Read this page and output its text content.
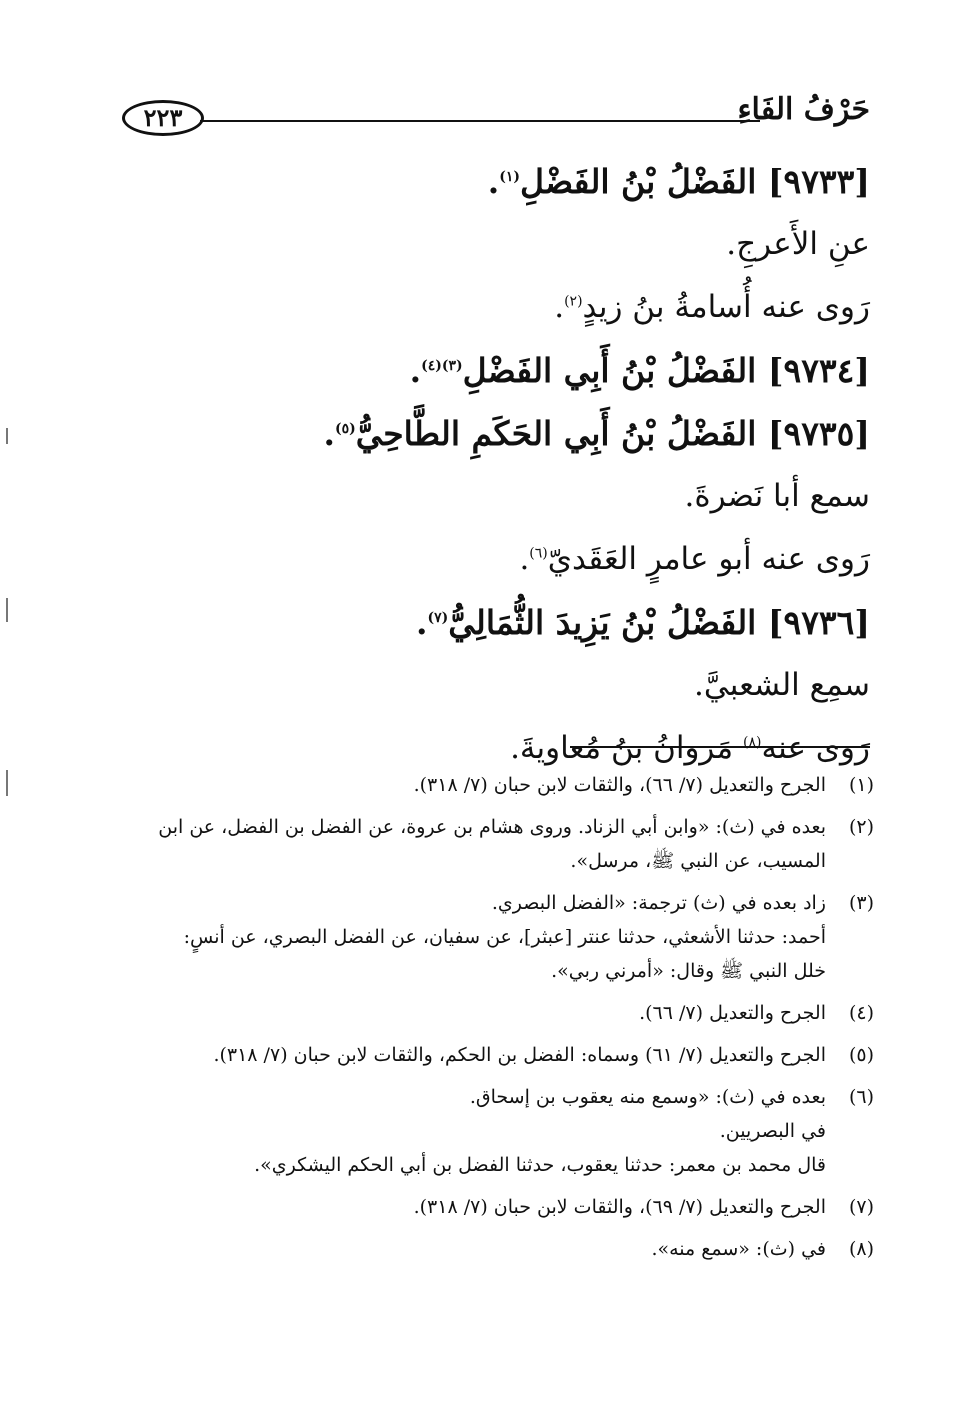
حَرْفُ الفَاءِ
٢٢٣
[٩٧٣٣] الفَضْلُ بْنُ الفَضْلِ$^{(١)}$.
عنِ الأَعرجِ.
رَوى عنه أُسامةُ بنُ زيدٍ$^{(٢)}$.
[٩٧٣٤] الفَضْلُ بْنُ أَبِي الفَضْلِ$^{(٣)(٤)}$.
[٩٧٣٥] الفَضْلُ بْنُ أَبِي الحَكَمِ الطَّاحِيُّ$^{(٥)}$.
سمع أبا نَضرةَ.
رَوى عنه أبو عامرٍ العَقَديّ$^{(٦)}$.
[٩٧٣٦] الفَضْلُ بْنُ يَزِيدَ الثُّمَالِيُّ$^{(٧)}$.
سمِع الشعبيَّ.
رَوى عنه$^{(٨)}$ مَروانُ بنُ مُعاويةَ.
(١)
الجرح والتعديل (٧/ ٦٦)، والثقات لابن حبان (٧/ ٣١٨).
(٢)
بعده في (ث): «وابن أبي الزناد. وروى هشام بن عروة، عن الفضل بن الفضل، عن ابن
المسيب، عن النبي ﷺ، مرسل».
(٣)
زاد بعده في (ث) ترجمة: «الفضل البصري.
أحمد: حدثنا الأشعثي، حدثنا عنتر [عبثر]، عن سفيان، عن الفضل البصري، عن أنسٍ:
خلل النبي ﷺ وقال: «أمرني ربي».
(٤)
الجرح والتعديل (٧/ ٦٦).
(٥)
الجرح والتعديل (٧/ ٦١) وسماه: الفضل بن الحكم، والثقات لابن حبان (٧/ ٣١٨).
(٦)
بعده في (ث): «وسمع منه يعقوب بن إسحاق.
في البصريين.
قال محمد بن معمر: حدثنا يعقوب، حدثنا الفضل بن أبي الحكم اليشكري».
(٧)
الجرح والتعديل (٧/ ٦٩)، والثقات لابن حبان (٧/ ٣١٨).
(٨)
في (ث): «سمع منه».
